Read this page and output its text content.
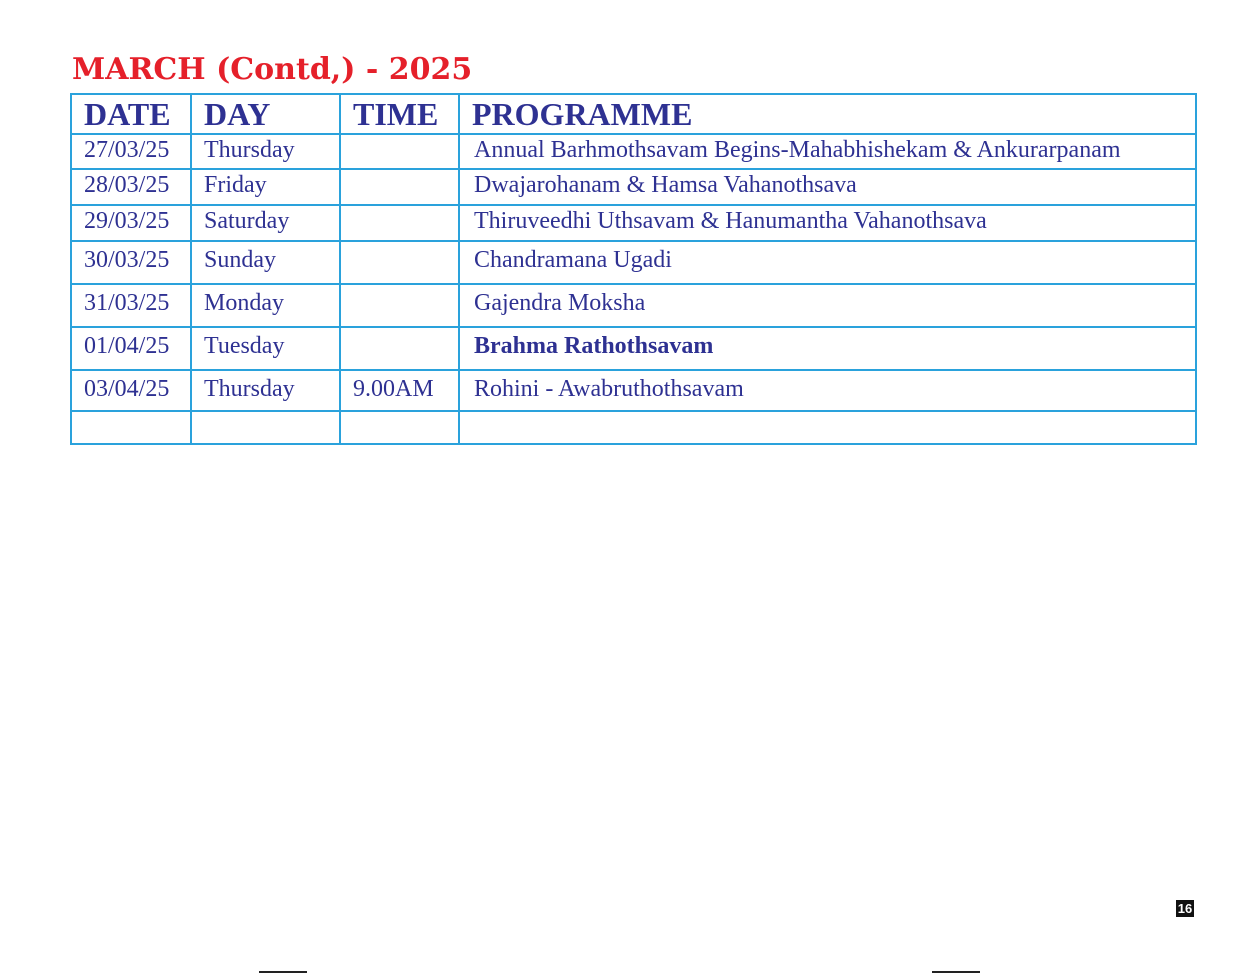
MARCH (Contd,) - 2025
DATE	DAY	TIME	PROGRAMME
27/03/25	Thursday		Annual Barhmothsavam Begins-Mahabhishekam & Ankurarpanam
28/03/25	Friday		Dwajarohanam & Hamsa Vahanothsava
29/03/25	Saturday		Thiruveedhi Uthsavam & Hanumantha Vahanothsava
30/03/25	Sunday		Chandramana Ugadi
31/03/25	Monday		Gajendra Moksha
01/04/25	Tuesday		Brahma Rathothsavam
03/04/25	Thursday	9.00AM	Rohini - Awabruthothsavam

16
